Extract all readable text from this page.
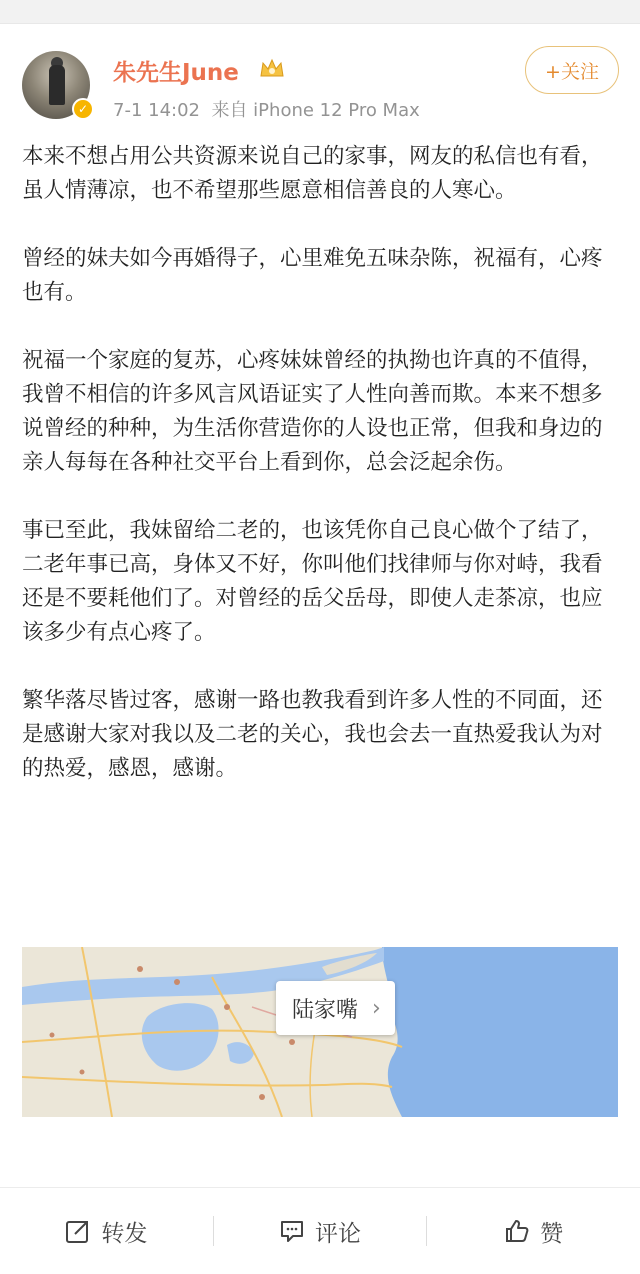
✓
朱先生June
7-1 14:02 来自 iPhone 12 Pro Max
+关注

本来不想占用公共资源来说自己的家事，网友的私信也有看，虽人情薄凉，也不希望那些愿意相信善良的人寒心。

曾经的妹夫如今再婚得子，心里难免五味杂陈，祝福有，心疼也有。

祝福一个家庭的复苏，心疼妹妹曾经的执拗也许真的不值得，我曾不相信的许多风言风语证实了人性向善而欺。本来不想多说曾经的种种，为生活你营造你的人设也正常，但我和身边的亲人每每在各种社交平台上看到你，总会泛起余伤。

事已至此，我妹留给二老的，也该凭你自己良心做个了结了，二老年事已高，身体又不好，你叫他们找律师与你对峙，我看还是不要耗他们了。对曾经的岳父岳母，即使人走茶凉，也应该多少有点心疼了。

繁华落尽皆过客，感谢一路也教我看到许多人性的不同面，还是感谢大家对我以及二老的关心，我也会去一直热爱我认为对的热爱，感恩，感谢。

陆家嘴 ›
转发	评论	赞
